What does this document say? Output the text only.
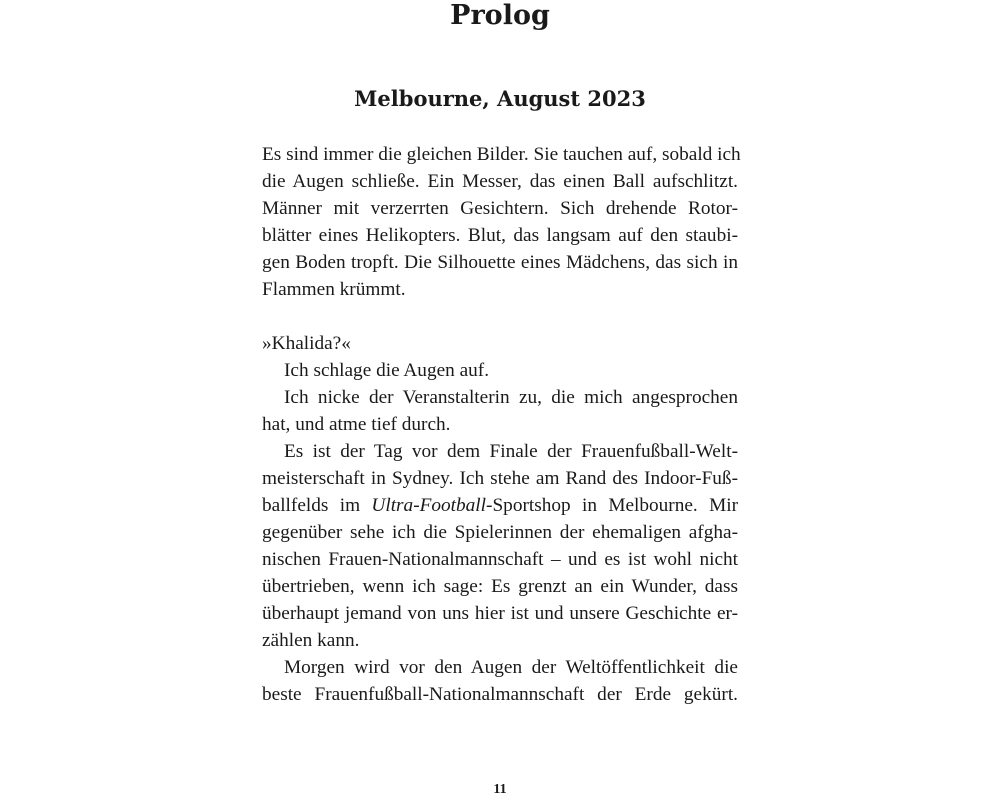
Prolog
Melbourne, August 2023
Es sind immer die gleichen Bilder. Sie tauchen auf, sobald ich
die Augen schließe. Ein Messer, das einen Ball aufschlitzt.
Männer mit verzerrten Gesichtern. Sich drehende Rotor-
blätter eines Helikopters. Blut, das langsam auf den staubi-
gen Boden tropft. Die Silhouette eines Mädchens, das sich in
Flammen krümmt.
»Khalida?«
Ich schlage die Augen auf.
Ich nicke der Veranstalterin zu, die mich angesprochen
hat, und atme tief durch.
Es ist der Tag vor dem Finale der Frauenfußball-Welt-
meisterschaft in Sydney. Ich stehe am Rand des Indoor-Fuß-
ballfelds im Ultra-Football-Sportshop in Melbourne. Mir
gegenüber sehe ich die Spielerinnen der ehemaligen afgha-
nischen Frauen-Nationalmannschaft – und es ist wohl nicht
übertrieben, wenn ich sage: Es grenzt an ein Wunder, dass
überhaupt jemand von uns hier ist und unsere Geschichte er-
zählen kann.
Morgen wird vor den Augen der Weltöffentlichkeit die
beste Frauenfußball-Nationalmannschaft der Erde gekürt.
11
